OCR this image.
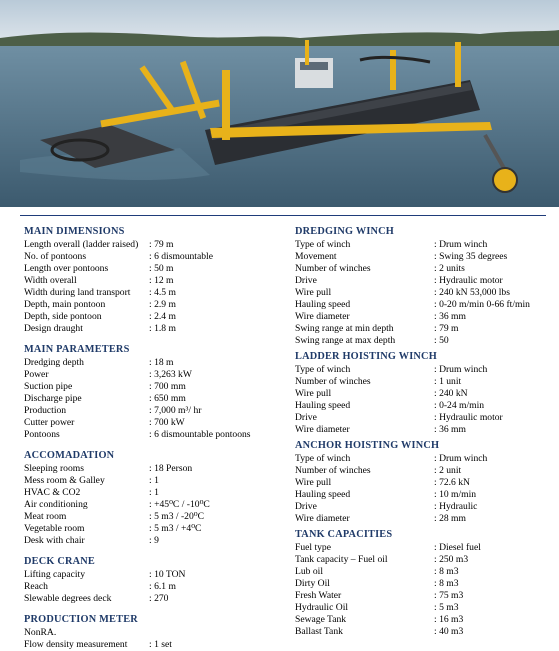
MAIN DIMENSIONS
Length overall (ladder raised)	: 79 m
No. of pontoons	: 6 dismountable
Length over pontoons	: 50 m
Width overall	: 12 m
Width during land transport	: 4.5 m
Depth, main pontoon	: 2.9 m
Depth, side pontoon	: 2.4 m
Design draught	: 1.8 m
MAIN PARAMETERS
Dredging depth	: 18 m
Power	: 3,263 kW
Suction pipe	: 700 mm
Discharge pipe	: 650 mm
Production	: 7,000 m³/ hr
Cutter power	: 700 kW
Pontoons	: 6 dismountable pontoons
ACCOMADATION
Sleeping rooms	: 18 Person
Mess room & Galley	: 1
HVAC & CO2	: 1
Air conditioning	: +45⁰C / -10⁰C
Meat room	: 5 m3 / -20⁰C
Vegetable room	: 5 m3 / +4⁰C
Desk with chair	: 9
DECK CRANE
Lifting capacity	: 10 TON
Reach	: 6.1 m
Slewable degrees deck	: 270
PRODUCTION METER
NonRA.
Flow density measurement	: 1 set
DREDGING WINCH
Type of winch	: Drum winch
Movement	: Swing 35 degrees
Number of winches	: 2 units
Drive	: Hydraulic motor
Wire pull	: 240 kN 53,000 lbs
Hauling speed	: 0-20 m/min 0-66 ft/min
Wire diameter	: 36 mm
Swing range at min depth	: 79 m
Swing range at max depth	: 50
LADDER HOISTING WINCH
Type of winch	: Drum winch
Number of winches	: 1 unit
Wire pull	: 240 kN
Hauling speed	: 0-24 m/min
Drive	: Hydraulic motor
Wire diameter	: 36 mm
ANCHOR HOISTING WINCH
Type of winch	: Drum winch
Number of winches	: 2 unit
Wire pull	: 72.6 kN
Hauling speed	: 10 m/min
Drive	: Hydraulic
Wire diameter	: 28 mm
TANK CAPACITIES
Fuel type	: Diesel fuel
Tank capacity – Fuel oil	: 250 m3
Lub oil	: 8 m3
Dirty Oil	: 8 m3
Fresh Water	: 75 m3
Hydraulic Oil	: 5 m3
Sewage Tank	: 16 m3
Ballast Tank	: 40 m3
